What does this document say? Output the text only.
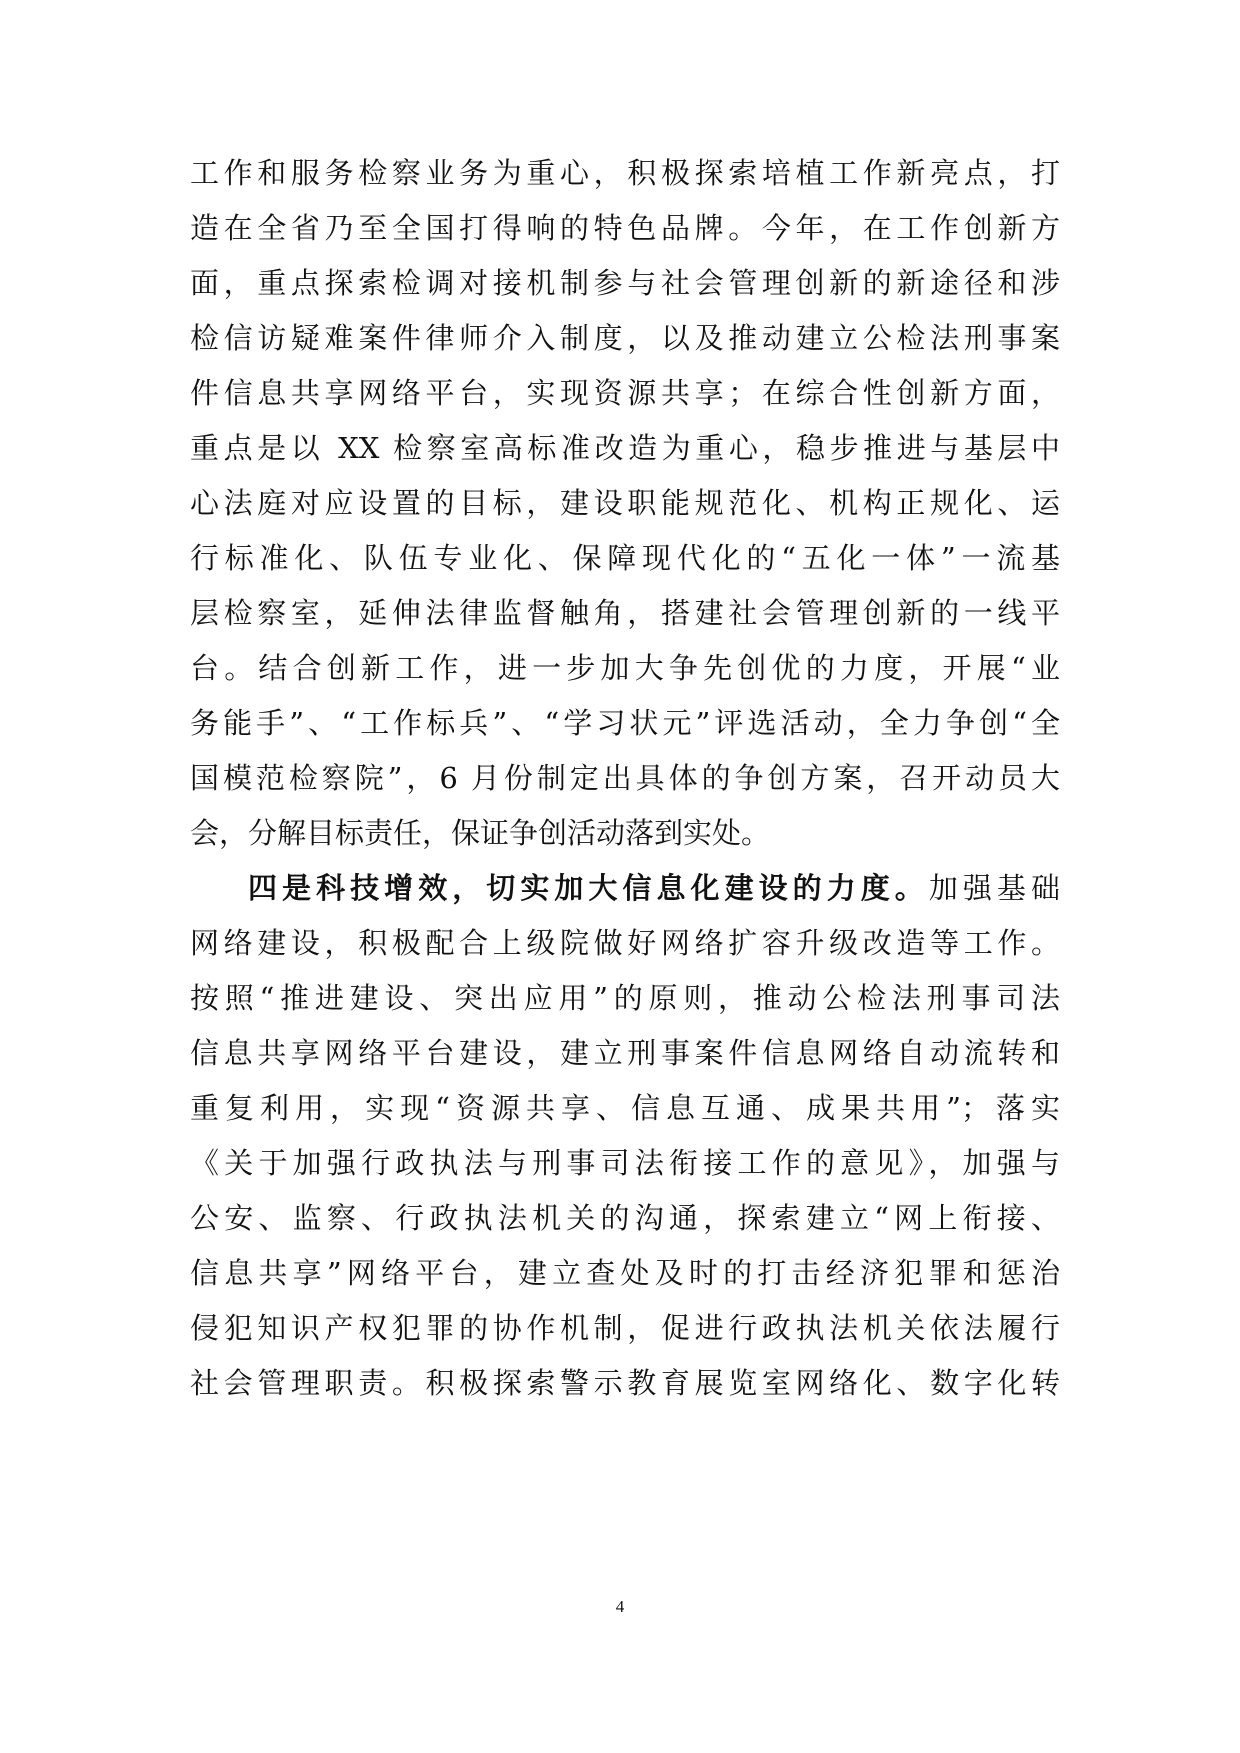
工作和服务检察业务为重心，积极探索培植工作新亮点，打
造在全省乃至全国打得响的特色品牌。今年，在工作创新方
面，重点探索检调对接机制参与社会管理创新的新途径和涉
检信访疑难案件律师介入制度，以及推动建立公检法刑事案
件信息共享网络平台，实现资源共享；在综合性创新方面，
重点是以 XX 检察室高标准改造为重心，稳步推进与基层中
心法庭对应设置的目标，建设职能规范化、机构正规化、运
行标准化、队伍专业化、保障现代化的“五化一体”一流基
层检察室，延伸法律监督触角，搭建社会管理创新的一线平
台。结合创新工作，进一步加大争先创优的力度，开展“业
务能手”、“工作标兵”、“学习状元”评选活动，全力争创“全
国模范检察院”，6 月份制定出具体的争创方案，召开动员大
会，分解目标责任，保证争创活动落到实处。
四是科技增效，切实加大信息化建设的力度。加强基础
网络建设，积极配合上级院做好网络扩容升级改造等工作。
按照“推进建设、突出应用”的原则，推动公检法刑事司法
信息共享网络平台建设，建立刑事案件信息网络自动流转和
重复利用，实现“资源共享、信息互通、成果共用”；落实
《关于加强行政执法与刑事司法衔接工作的意见》，加强与
公安、监察、行政执法机关的沟通，探索建立“网上衔接、
信息共享”网络平台，建立查处及时的打击经济犯罪和惩治
侵犯知识产权犯罪的协作机制，促进行政执法机关依法履行
社会管理职责。积极探索警示教育展览室网络化、数字化转
4
